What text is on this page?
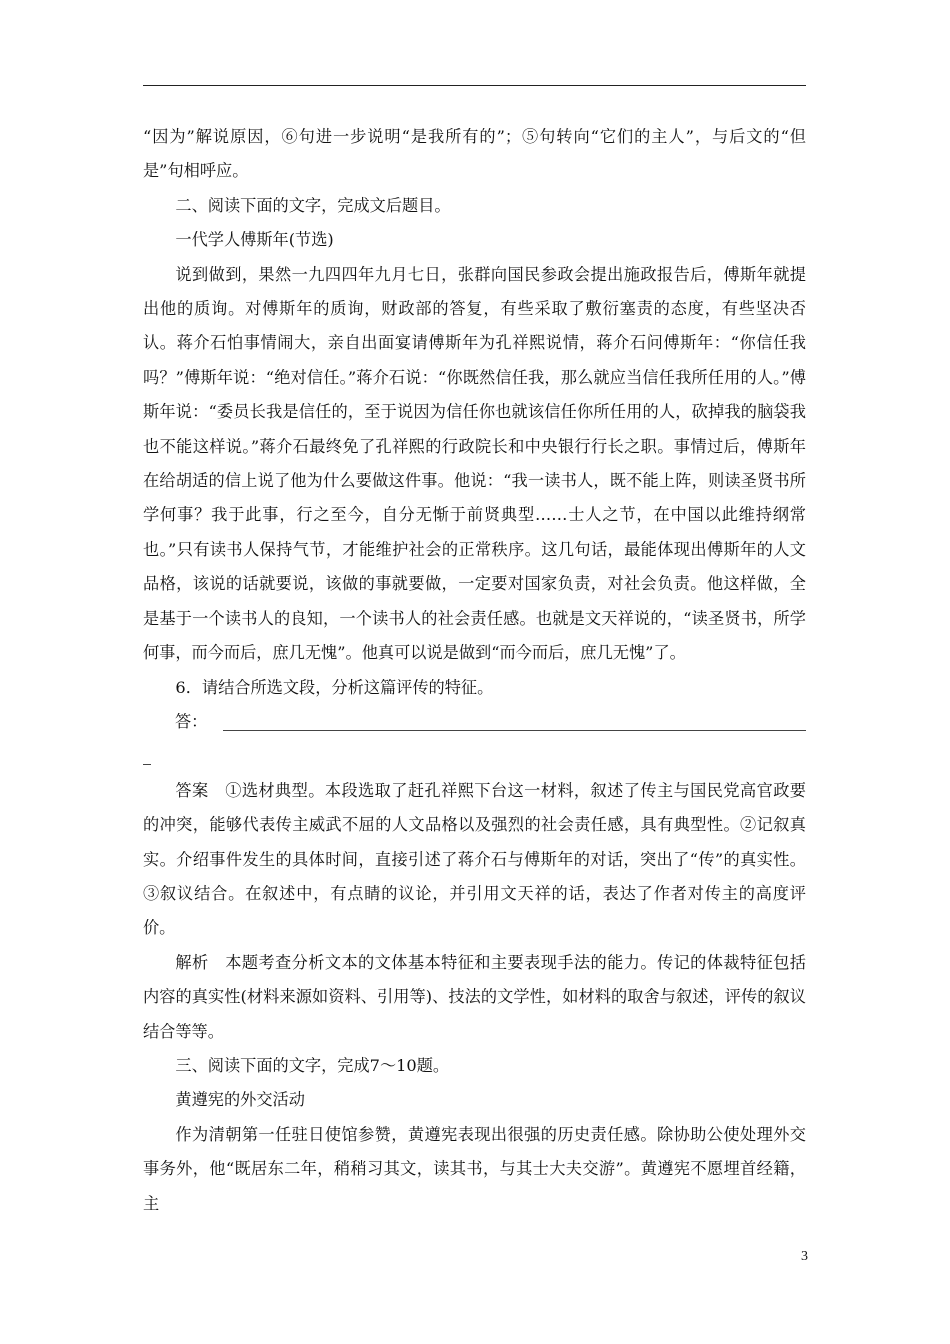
“因为”解说原因，⑥句进一步说明“是我所有的”；⑤句转向“它们的主人”，与后文的“但是”句相呼应。

二、阅读下面的文字，完成文后题目。

一代学人傅斯年(节选)

说到做到，果然一九四四年九月七日，张群向国民参政会提出施政报告后，傅斯年就提出他的质询。对傅斯年的质询，财政部的答复，有些采取了敷衍塞责的态度，有些坚决否认。蒋介石怕事情闹大，亲自出面宴请傅斯年为孔祥熙说情，蒋介石问傅斯年：“你信任我吗？”傅斯年说：“绝对信任。”蒋介石说：“你既然信任我，那么就应当信任我所任用的人。”傅斯年说：“委员长我是信任的，至于说因为信任你也就该信任你所任用的人，砍掉我的脑袋我也不能这样说。”蒋介石最终免了孔祥熙的行政院长和中央银行行长之职。事情过后，傅斯年在给胡适的信上说了他为什么要做这件事。他说：“我一读书人，既不能上阵，则读圣贤书所学何事？我于此事，行之至今，自分无惭于前贤典型……士人之节，在中国以此维持纲常也。”只有读书人保持气节，才能维护社会的正常秩序。这几句话，最能体现出傅斯年的人文品格，该说的话就要说，该做的事就要做，一定要对国家负责，对社会负责。他这样做，全是基于一个读书人的良知，一个读书人的社会责任感。也就是文天祥说的，“读圣贤书，所学何事，而今而后，庶几无愧”。他真可以说是做到“而今而后，庶几无愧”了。

6．请结合所选文段，分析这篇评传的特征。

答：

答案　①选材典型。本段选取了赶孔祥熙下台这一材料，叙述了传主与国民党高官政要的冲突，能够代表传主威武不屈的人文品格以及强烈的社会责任感，具有典型性。②记叙真实。介绍事件发生的具体时间，直接引述了蒋介石与傅斯年的对话，突出了“传”的真实性。③叙议结合。在叙述中，有点睛的议论，并引用文天祥的话，表达了作者对传主的高度评价。

解析　本题考查分析文本的文体基本特征和主要表现手法的能力。传记的体裁特征包括内容的真实性(材料来源如资料、引用等)、技法的文学性，如材料的取舍与叙述，评传的叙议结合等等。

三、阅读下面的文字，完成7～10题。

黄遵宪的外交活动

作为清朝第一任驻日使馆参赞，黄遵宪表现出很强的历史责任感。除协助公使处理外交事务外，他“既居东二年，稍稍习其文，读其书，与其士大夫交游”。黄遵宪不愿埋首经籍，主

3
